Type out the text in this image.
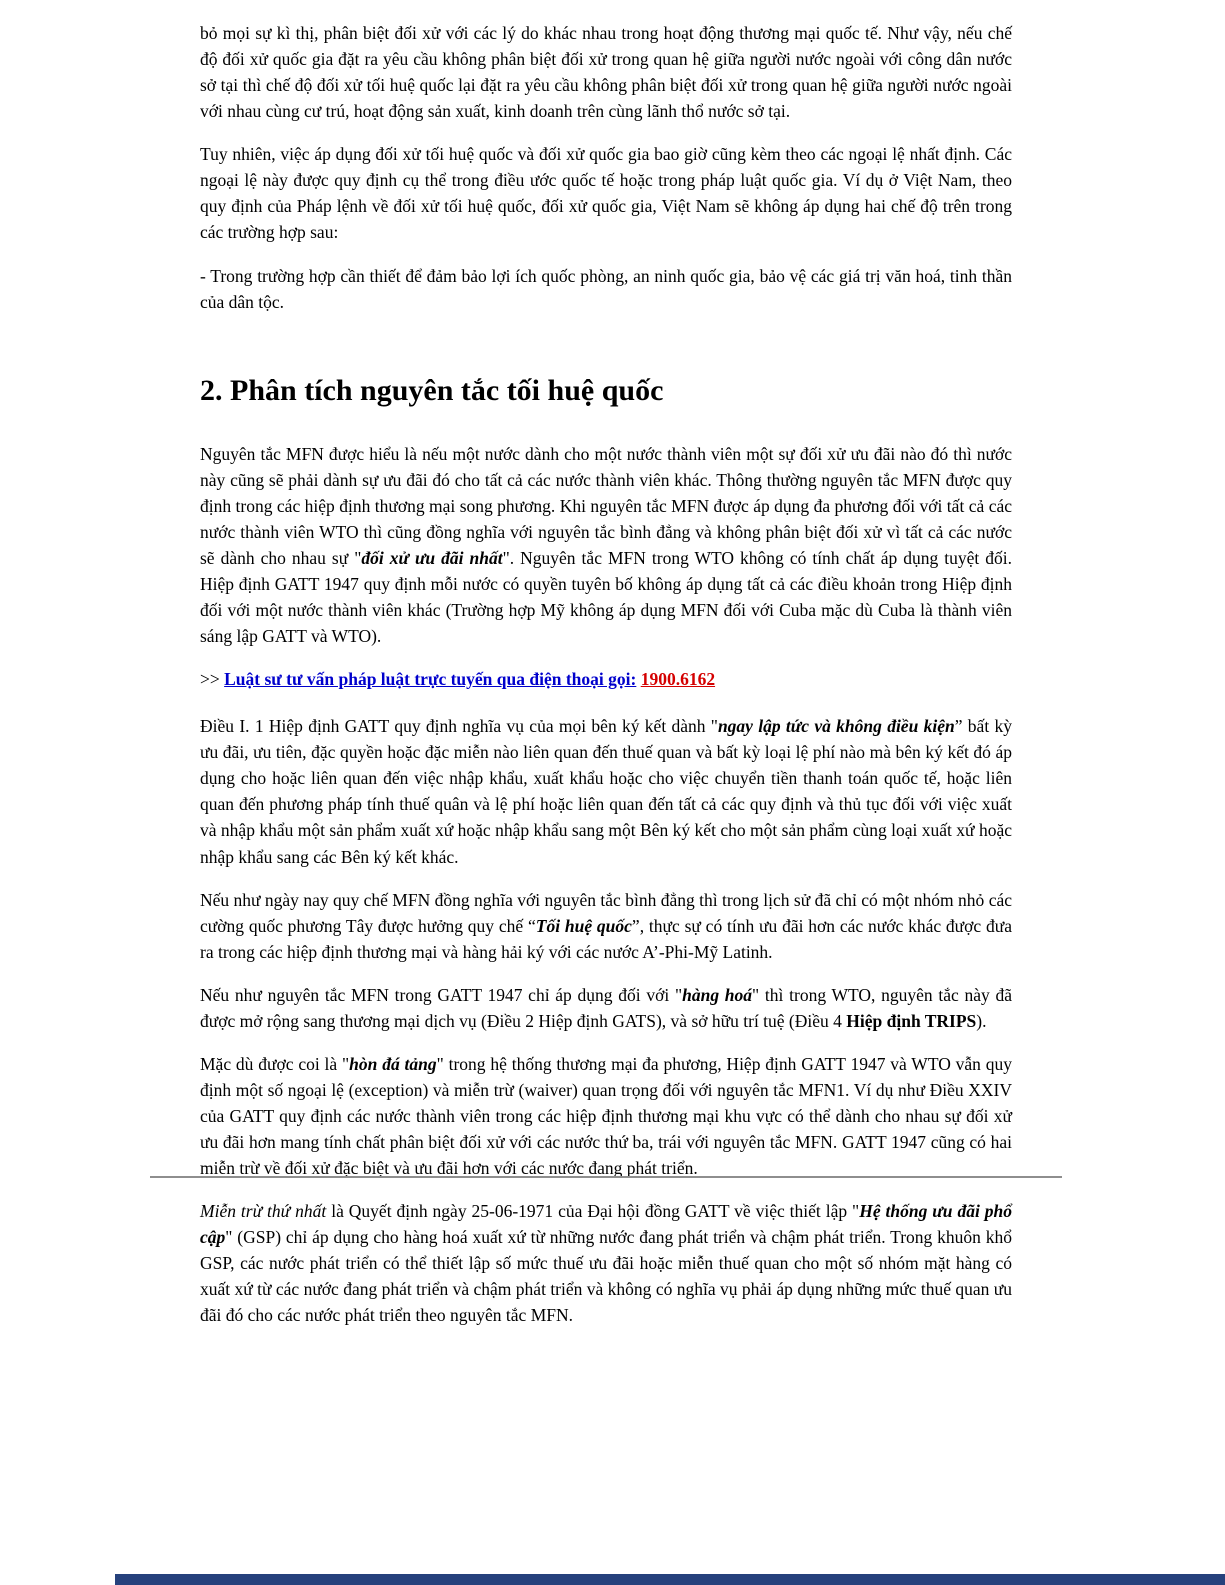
bỏ mọi sự kì thị, phân biệt đối xử với các lý do khác nhau trong hoạt động thương mại quốc tế. Như vậy, nếu chế độ đối xử quốc gia đặt ra yêu cầu không phân biệt đối xử trong quan hệ giữa người nước ngoài với công dân nước sở tại thì chế độ đối xử tối huệ quốc lại đặt ra yêu cầu không phân biệt đối xử trong quan hệ giữa người nước ngoài với nhau cùng cư trú, hoạt động sản xuất, kinh doanh trên cùng lãnh thổ nước sở tại.

Tuy nhiên, việc áp dụng đối xử tối huệ quốc và đối xử quốc gia bao giờ cũng kèm theo các ngoại lệ nhất định. Các ngoại lệ này được quy định cụ thể trong điều ước quốc tế hoặc trong pháp luật quốc gia. Ví dụ ở Việt Nam, theo quy định của Pháp lệnh về đối xử tối huệ quốc, đối xử quốc gia, Việt Nam sẽ không áp dụng hai chế độ trên trong các trường hợp sau:

- Trong trường hợp cần thiết để đảm bảo lợi ích quốc phòng, an ninh quốc gia, bảo vệ các giá trị văn hoá, tinh thần của dân tộc.

2. Phân tích nguyên tắc tối huệ quốc

Nguyên tắc MFN được hiểu là nếu một nước dành cho một nước thành viên một sự đối xử ưu đãi nào đó thì nước này cũng sẽ phải dành sự ưu đãi đó cho tất cả các nước thành viên khác. Thông thường nguyên tắc MFN được quy định trong các hiệp định thương mại song phương. Khi nguyên tắc MFN được áp dụng đa phương đối với tất cả các nước thành viên WTO thì cũng đồng nghĩa với nguyên tắc bình đẳng và không phân biệt đối xử vì tất cả các nước sẽ dành cho nhau sự "đối xử ưu đãi nhất". Nguyên tắc MFN trong WTO không có tính chất áp dụng tuyệt đối. Hiệp định GATT 1947 quy định mỗi nước có quyền tuyên bố không áp dụng tất cả các điều khoản trong Hiệp định đối với một nước thành viên khác (Trường hợp Mỹ không áp dụng MFN đối với Cuba mặc dù Cuba là thành viên sáng lập GATT và WTO).

>> Luật sư tư vấn pháp luật trực tuyến qua điện thoại gọi: 1900.6162

Điều I. 1 Hiệp định GATT quy định nghĩa vụ của mọi bên ký kết dành "ngay lập tức và không điều kiện” bất kỳ ưu đãi, ưu tiên, đặc quyền hoặc đặc miễn nào liên quan đến thuế quan và bất kỳ loại lệ phí nào mà bên ký kết đó áp dụng cho hoặc liên quan đến việc nhập khẩu, xuất khẩu hoặc cho việc chuyển tiền thanh toán quốc tế, hoặc liên quan đến phương pháp tính thuế quân và lệ phí hoặc liên quan đến tất cả các quy định và thủ tục đối với việc xuất và nhập khẩu một sản phẩm xuất xứ hoặc nhập khẩu sang một Bên ký kết cho một sản phẩm cùng loại xuất xứ hoặc nhập khẩu sang các Bên ký kết khác.

Nếu như ngày nay quy chế MFN đồng nghĩa với nguyên tắc bình đẳng thì trong lịch sử đã chỉ có một nhóm nhỏ các cường quốc phương Tây được hưởng quy chế “Tối huệ quốc”, thực sự có tính ưu đãi hơn các nước khác được đưa ra trong các hiệp định thương mại và hàng hải ký với các nước A’-Phi-Mỹ Latinh.

Nếu như nguyên tắc MFN trong GATT 1947 chỉ áp dụng đối với "hàng hoá" thì trong WTO, nguyên tắc này đã được mở rộng sang thương mại dịch vụ (Điều 2 Hiệp định GATS), và sở hữu trí tuệ (Điều 4 Hiệp định TRIPS).

Mặc dù được coi là "hòn đá tảng" trong hệ thống thương mại đa phương, Hiệp định GATT 1947 và WTO vẫn quy định một số ngoại lệ (exception) và miễn trừ (waiver) quan trọng đối với nguyên tắc MFN1. Ví dụ như Điều XXIV của GATT quy định các nước thành viên trong các hiệp định thương mại khu vực có thể dành cho nhau sự đối xử ưu đãi hơn mang tính chất phân biệt đối xử với các nước thứ ba, trái với nguyên tắc MFN. GATT 1947 cũng có hai miễn trừ về đối xử đặc biệt và ưu đãi hơn với các nước đang phát triển.

Miễn trừ thứ nhất là Quyết định ngày 25-06-1971 của Đại hội đồng GATT về việc thiết lập "Hệ thống ưu đãi phổ cập" (GSP) chỉ áp dụng cho hàng hoá xuất xứ từ những nước đang phát triển và chậm phát triển. Trong khuôn khổ GSP, các nước phát triển có thể thiết lập số mức thuế ưu đãi hoặc miễn thuế quan cho một số nhóm mặt hàng có xuất xứ từ các nước đang phát triển và chậm phát triển và không có nghĩa vụ phải áp dụng những mức thuế quan ưu đãi đó cho các nước phát triển theo nguyên tắc MFN.
